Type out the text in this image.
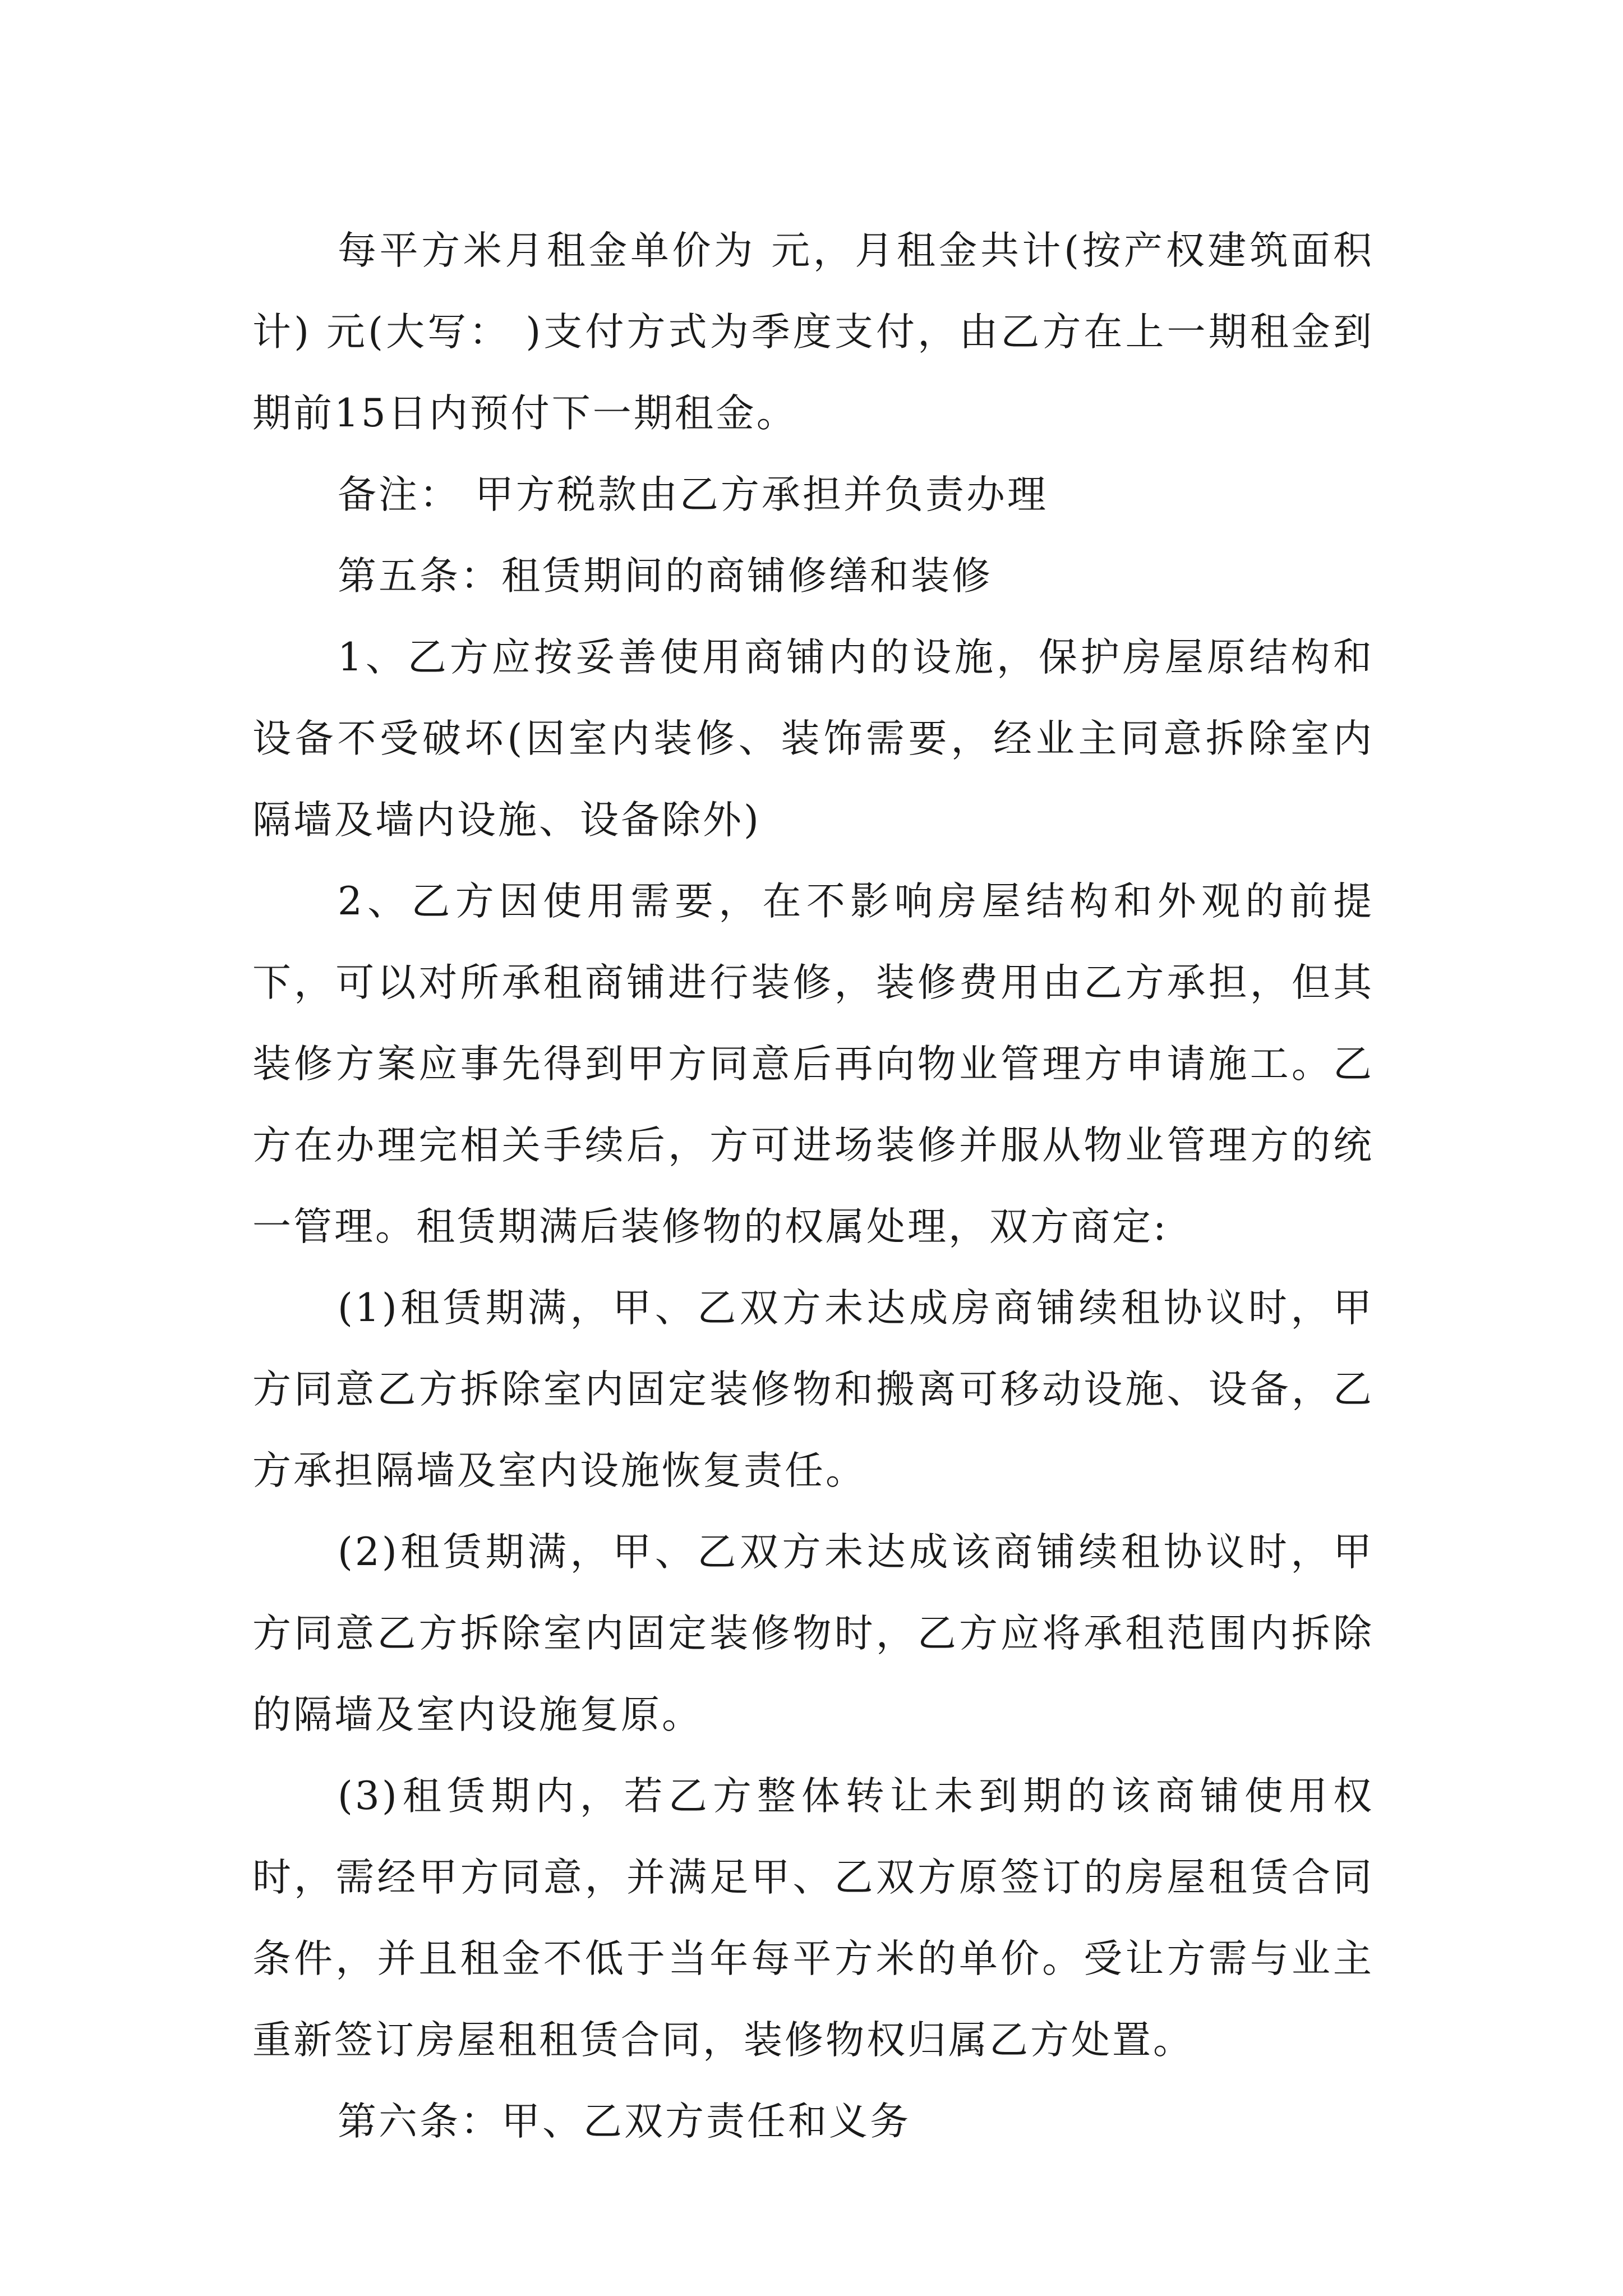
每平方米月租金单价为 元，月租金共计(按产权建筑面积计) 元(大写： )支付方式为季度支付，由乙方在上一期租金到期前15日内预付下一期租金。

备注： 甲方税款由乙方承担并负责办理

第五条：租赁期间的商铺修缮和装修

1、乙方应按妥善使用商铺内的设施，保护房屋原结构和设备不受破坏(因室内装修、装饰需要，经业主同意拆除室内隔墙及墙内设施、设备除外)

2、乙方因使用需要，在不影响房屋结构和外观的前提下，可以对所承租商铺进行装修，装修费用由乙方承担，但其装修方案应事先得到甲方同意后再向物业管理方申请施工。乙方在办理完相关手续后，方可进场装修并服从物业管理方的统一管理。租赁期满后装修物的权属处理，双方商定:

(1)租赁期满，甲、乙双方未达成房商铺续租协议时，甲方同意乙方拆除室内固定装修物和搬离可移动设施、设备，乙方承担隔墙及室内设施恢复责任。

(2)租赁期满，甲、乙双方未达成该商铺续租协议时，甲方同意乙方拆除室内固定装修物时，乙方应将承租范围内拆除的隔墙及室内设施复原。

(3)租赁期内，若乙方整体转让未到期的该商铺使用权时，需经甲方同意，并满足甲、乙双方原签订的房屋租赁合同条件，并且租金不低于当年每平方米的单价。受让方需与业主重新签订房屋租租赁合同，装修物权归属乙方处置。

第六条：甲、乙双方责任和义务
